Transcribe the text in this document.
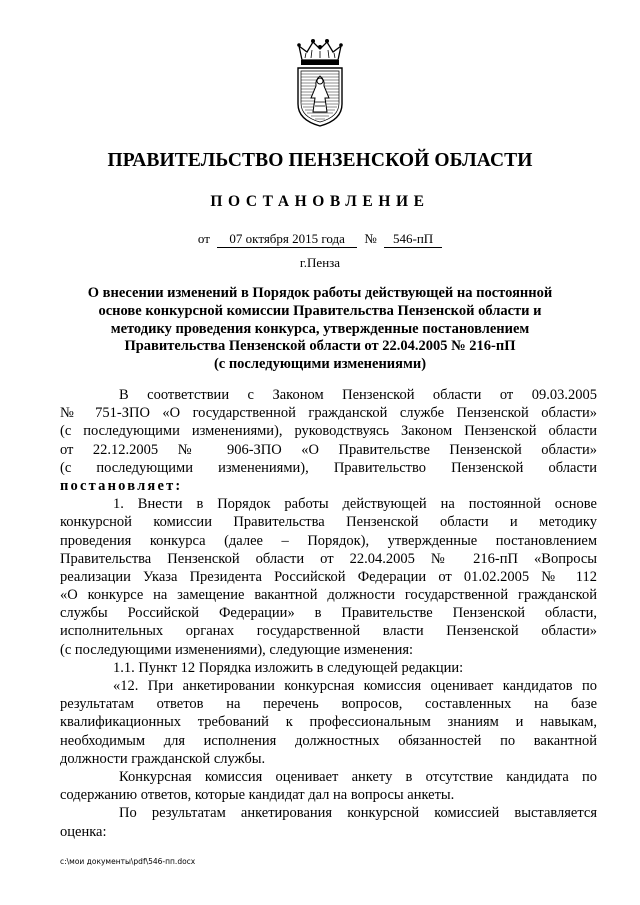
ПРАВИТЕЛЬСТВО ПЕНЗЕНСКОЙ ОБЛАСТИ
ПОСТАНОВЛЕНИЕ
от 07 октября 2015 года № 546-пП
г.Пенза
О внесении изменений в Порядок работы действующей на постоянной
основе конкурсной комиссии Правительства Пензенской области и
методику проведения конкурса, утвержденные постановлением
Правительства Пензенской области от 22.04.2005 № 216-пП
(с последующими изменениями)
В соответствии с Законом Пензенской области от 09.03.2005
№ 751-ЗПО «О государственной гражданской службе Пензенской области»
(с последующими изменениями), руководствуясь Законом Пензенской области
от 22.12.2005 № 906-ЗПО «О Правительстве Пензенской области»
(с последующими изменениями), Правительство Пензенской области
постановляет:
1. Внести в Порядок работы действующей на постоянной основе
конкурсной комиссии Правительства Пензенской области и методику
проведения конкурса (далее – Порядок), утвержденные постановлением
Правительства Пензенской области от 22.04.2005 № 216-пП «Вопросы
реализации Указа Президента Российской Федерации от 01.02.2005 № 112
«О конкурсе на замещение вакантной должности государственной гражданской
службы Российской Федерации» в Правительстве Пензенской области,
исполнительных органах государственной власти Пензенской области»
(с последующими изменениями), следующие изменения:
1.1. Пункт 12 Порядка изложить в следующей редакции:
«12. При анкетировании конкурсная комиссия оценивает кандидатов по
результатам ответов на перечень вопросов, составленных на базе
квалификационных требований к профессиональным знаниям и навыкам,
необходимым для исполнения должностных обязанностей по вакантной
должности гражданской службы.
Конкурсная комиссия оценивает анкету в отсутствие кандидата по
содержанию ответов, которые кандидат дал на вопросы анкеты.
По результатам анкетирования конкурсной комиссией выставляется
оценка:
c:\мои документы\pdf\546-пп.docx
